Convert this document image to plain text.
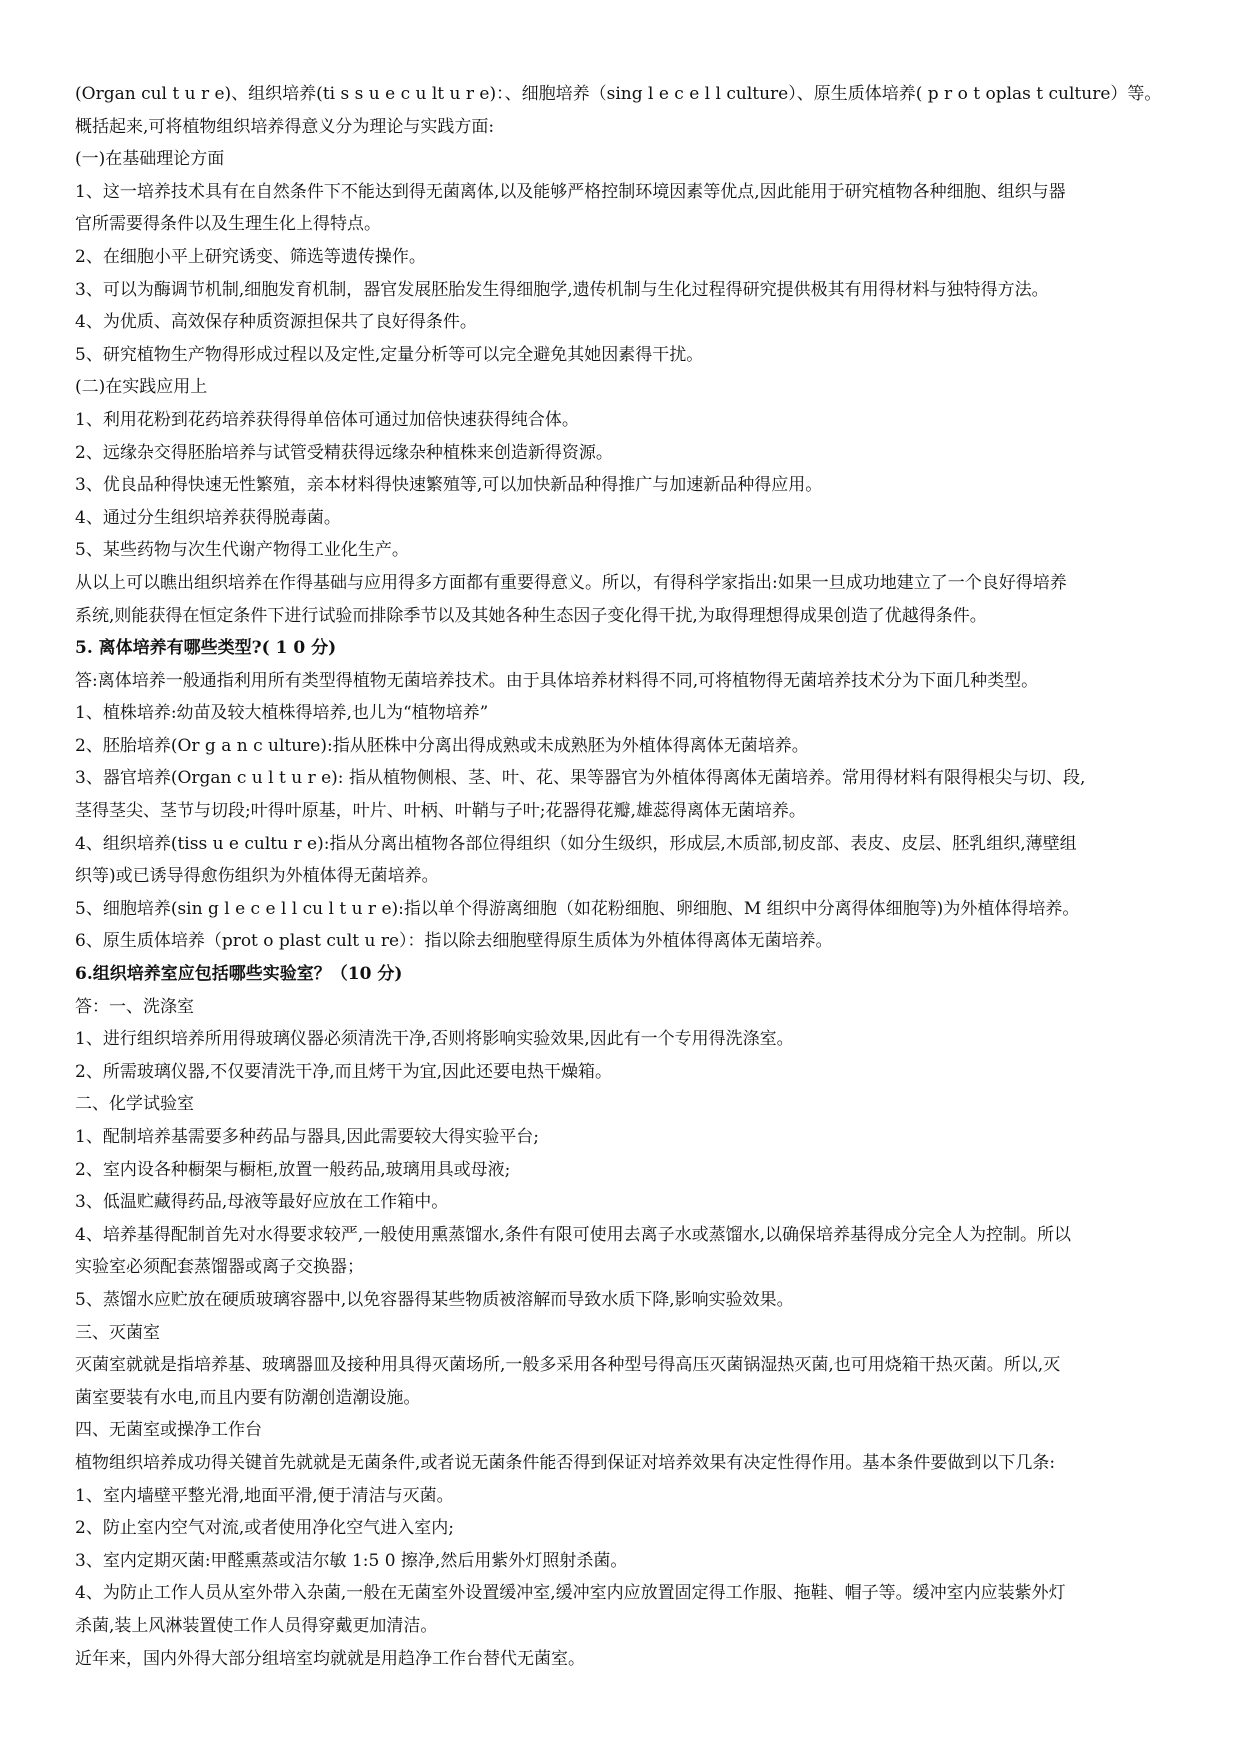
(Organ cul t u r e)、组织培养(ti s s u e c u lt u r e)：、细胞培养（sing l e c e l l culture）、原生质体培养( p r o t oplas t culture）等。
概括起来,可将植物组织培养得意义分为理论与实践方面:
(一)在基础理论方面
1、这一培养技术具有在自然条件下不能达到得无菌离体,以及能够严格控制环境因素等优点,因此能用于研究植物各种细胞、组织与器
官所需要得条件以及生理生化上得特点。
2、在细胞小平上研究诱变、筛选等遗传操作。
3、可以为酶调节机制,细胞发育机制，器官发展胚胎发生得细胞学,遗传机制与生化过程得研究提供极其有用得材料与独特得方法。
4、为优质、高效保存种质资源担保共了良好得条件。
5、研究植物生产物得形成过程以及定性,定量分析等可以完全避免其她因素得干扰。
(二)在实践应用上
1、利用花粉到花药培养获得得单倍体可通过加倍快速获得纯合体。
2、远缘杂交得胚胎培养与试管受精获得远缘杂种植株来创造新得资源。
3、优良品种得快速无性繁殖，亲本材料得快速繁殖等,可以加快新品种得推广与加速新品种得应用。
4、通过分生组织培养获得脱毒菌。
5、某些药物与次生代谢产物得工业化生产。
从以上可以瞧出组织培养在作得基础与应用得多方面都有重要得意义。所以，有得科学家指出:如果一旦成功地建立了一个良好得培养
系统,则能获得在恒定条件下进行试验而排除季节以及其她各种生态因子变化得干扰,为取得理想得成果创造了优越得条件。
5. 离体培养有哪些类型?( 1 0 分)
答:离体培养一般通指利用所有类型得植物无菌培养技术。由于具体培养材料得不同,可将植物得无菌培养技术分为下面几种类型。
1、植株培养:幼苗及较大植株得培养,也儿为“植物培养”
2、胚胎培养(Or g a n c ulture):指从胚株中分离出得成熟或未成熟胚为外植体得离体无菌培养。
3、器官培养(Organ c u l t u r e): 指从植物侧根、茎、叶、花、果等器官为外植体得离体无菌培养。常用得材料有限得根尖与切、段,
茎得茎尖、茎节与切段;叶得叶原基，叶片、叶柄、叶鞘与子叶;花器得花瓣,雄蕊得离体无菌培养。
4、组织培养(tiss u e cultu r e):指从分离出植物各部位得组织（如分生级织，形成层,木质部,韧皮部、表皮、皮层、胚乳组织,薄壁组
织等)或已诱导得愈伤组织为外植体得无菌培养。
5、细胞培养(sin g l e c e l l cu l t u r e):指以单个得游离细胞（如花粉细胞、卵细胞、M 组织中分离得体细胞等)为外植体得培养。
6、原生质体培养（prot o plast cult u re）：指以除去细胞壁得原生质体为外植体得离体无菌培养。
6.组织培养室应包括哪些实验室？（10 分)
答：一、洗涤室
1、进行组织培养所用得玻璃仪器必须清洗干净,否则将影响实验效果,因此有一个专用得洗涤室。
2、所需玻璃仪器,不仅要清洗干净,而且烤干为宜,因此还要电热干燥箱。
二、化学试验室
1、配制培养基需要多种药品与器具,因此需要较大得实验平台;
2、室内设各种橱架与橱柜,放置一般药品,玻璃用具或母液;
3、低温贮藏得药品,母液等最好应放在工作箱中。
4、培养基得配制首先对水得要求较严,一般使用熏蒸馏水,条件有限可使用去离子水或蒸馏水,以确保培养基得成分完全人为控制。所以
实验室必须配套蒸馏器或离子交换器；
5、蒸馏水应贮放在硬质玻璃容器中,以免容器得某些物质被溶解而导致水质下降,影响实验效果。
三、灭菌室
灭菌室就就是指培养基、玻璃器皿及接种用具得灭菌场所,一般多采用各种型号得高压灭菌锅湿热灭菌,也可用烧箱干热灭菌。所以,灭
菌室要装有水电,而且内要有防潮创造潮设施。
四、无菌室或操净工作台
植物组织培养成功得关键首先就就是无菌条件,或者说无菌条件能否得到保证对培养效果有决定性得作用。基本条件要做到以下几条:
1、室内墙壁平整光滑,地面平滑,便于清洁与灭菌。
2、防止室内空气对流,或者使用净化空气进入室内;
3、室内定期灭菌:甲醛熏蒸或洁尔敏 1:5 0 擦净,然后用紫外灯照射杀菌。
4、为防止工作人员从室外带入杂菌,一般在无菌室外设置缓冲室,缓冲室内应放置固定得工作服、拖鞋、帽子等。缓冲室内应装紫外灯
杀菌,装上风淋装置使工作人员得穿戴更加清洁。
近年来，国内外得大部分组培室均就就是用趋净工作台替代无菌室。
